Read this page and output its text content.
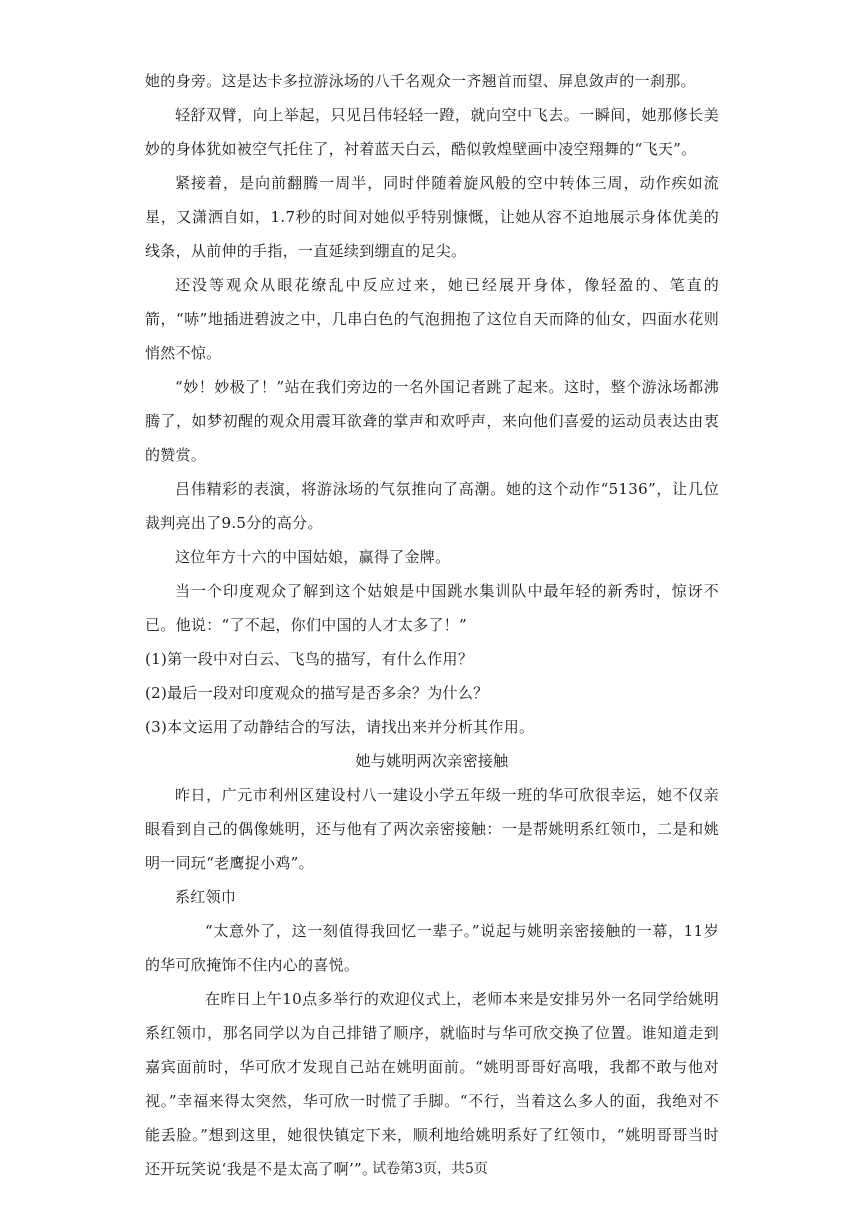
她的身旁。这是达卡多拉游泳场的八千名观众一齐翘首而望、屏息敛声的一刹那。

轻舒双臂，向上举起，只见吕伟轻轻一蹬，就向空中飞去。一瞬间，她那修长美妙的身体犹如被空气托住了，衬着蓝天白云，酷似敦煌壁画中凌空翔舞的“飞天”。

紧接着，是向前翻腾一周半，同时伴随着旋风般的空中转体三周，动作疾如流星，又潇洒自如，1.7秒的时间对她似乎特别慷慨，让她从容不迫地展示身体优美的线条，从前伸的手指，一直延续到绷直的足尖。

还没等观众从眼花缭乱中反应过来，她已经展开身体，像轻盈的、笔直的箭，“哧”地插进碧波之中，几串白色的气泡拥抱了这位自天而降的仙女，四面水花则悄然不惊。

“妙！妙极了！”站在我们旁边的一名外国记者跳了起来。这时，整个游泳场都沸腾了，如梦初醒的观众用震耳欲聋的掌声和欢呼声，来向他们喜爱的运动员表达由衷的赞赏。

吕伟精彩的表演，将游泳场的气氛推向了高潮。她的这个动作“5136”，让几位裁判亮出了9.5分的高分。

这位年方十六的中国姑娘，赢得了金牌。

当一个印度观众了解到这个姑娘是中国跳水集训队中最年轻的新秀时，惊讶不已。他说：“了不起，你们中国的人才太多了！”

(1)第一段中对白云、飞鸟的描写，有什么作用？

(2)最后一段对印度观众的描写是否多余？为什么？

(3)本文运用了动静结合的写法，请找出来并分析其作用。

她与姚明两次亲密接触

昨日，广元市利州区建设村八一建设小学五年级一班的华可欣很幸运，她不仅亲眼看到自己的偶像姚明，还与他有了两次亲密接触：一是帮姚明系红领巾，二是和姚明一同玩“老鹰捉小鸡”。

系红领巾

“太意外了，这一刻值得我回忆一辈子。”说起与姚明亲密接触的一幕，11岁的华可欣掩饰不住内心的喜悦。

在昨日上午10点多举行的欢迎仪式上，老师本来是安排另外一名同学给姚明系红领巾，那名同学以为自己排错了顺序，就临时与华可欣交换了位置。谁知道走到嘉宾面前时，华可欣才发现自己站在姚明面前。“姚明哥哥好高哦，我都不敢与他对视。”幸福来得太突然，华可欣一时慌了手脚。“不行，当着这么多人的面，我绝对不能丢脸。”想到这里，她很快镇定下来，顺利地给姚明系好了红领巾，“姚明哥哥当时还开玩笑说‘我是不是太高了啊’”。

试卷第3页，共5页
